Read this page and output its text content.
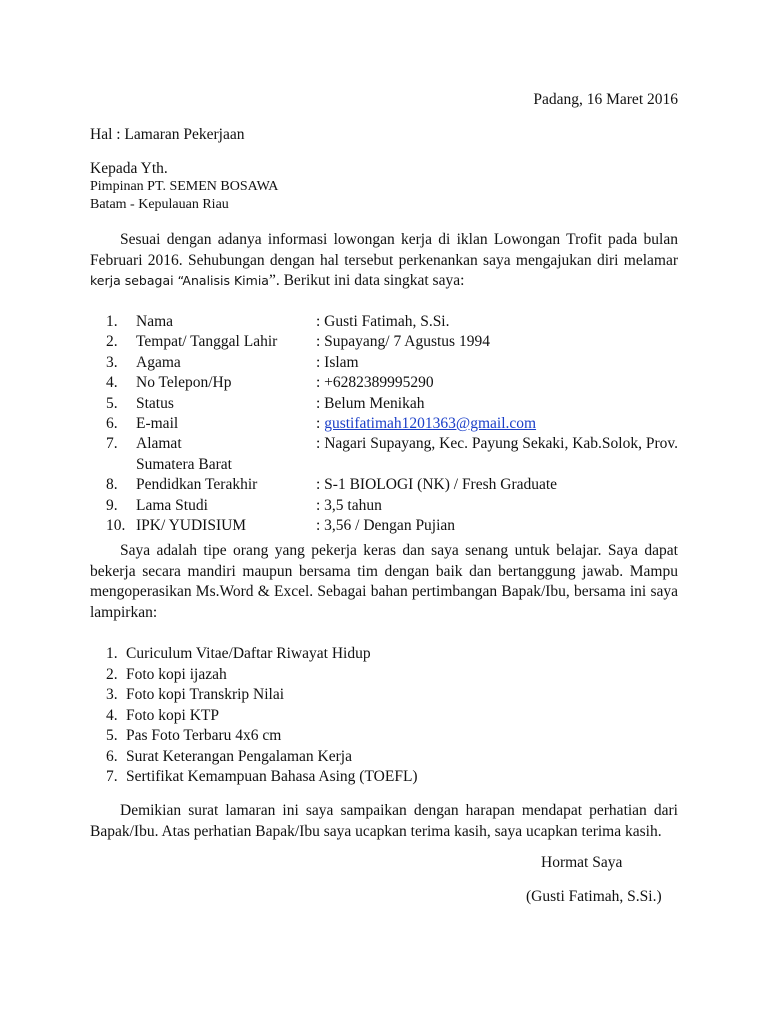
Padang, 16 Maret 2016
Hal : Lamaran Pekerjaan
Kepada Yth.
Pimpinan PT. SEMEN BOSAWA
Batam - Kepulauan Riau
Sesuai dengan adanya informasi lowongan kerja di iklan Lowongan Trofit pada bulan Februari 2016. Sehubungan dengan hal tersebut perkenankan saya mengajukan diri melamar kerja sebagai “Analisis Kimia”. Berikut ini data singkat saya:
1.	Nama	: Gusti Fatimah, S.Si.
2.	Tempat/ Tanggal Lahir : Supayang/ 7 Agustus 1994
3.	Agama	: Islam
4.	No Telepon/Hp	: +6282389995290
5.	Status	: Belum Menikah
6.	E-mail	: gustifatimah1201363@gmail.com
7.	Alamat	: Nagari Supayang, Kec. Payung Sekaki, Kab.Solok, Prov.
Sumatera Barat
8.	Pendidkan Terakhir	: S-1 BIOLOGI (NK) / Fresh Graduate
9.	Lama Studi	: 3,5 tahun
10. IPK/ YUDISIUM	: 3,56 / Dengan Pujian
Saya adalah tipe orang yang pekerja keras dan saya senang untuk belajar. Saya dapat bekerja secara mandiri maupun bersama tim dengan baik dan bertanggung jawab. Mampu mengoperasikan Ms.Word & Excel. Sebagai bahan pertimbangan Bapak/Ibu, bersama ini saya lampirkan:
1. Curiculum Vitae/Daftar Riwayat Hidup
2. Foto kopi ijazah
3. Foto kopi Transkrip Nilai
4. Foto kopi KTP
5. Pas Foto Terbaru 4x6 cm
6. Surat Keterangan Pengalaman Kerja
7. Sertifikat Kemampuan Bahasa Asing (TOEFL)
Demikian surat lamaran ini saya sampaikan dengan harapan mendapat perhatian dari Bapak/Ibu. Atas perhatian Bapak/Ibu saya ucapkan terima kasih, saya ucapkan terima kasih.
Hormat Saya
(Gusti Fatimah, S.Si.)
